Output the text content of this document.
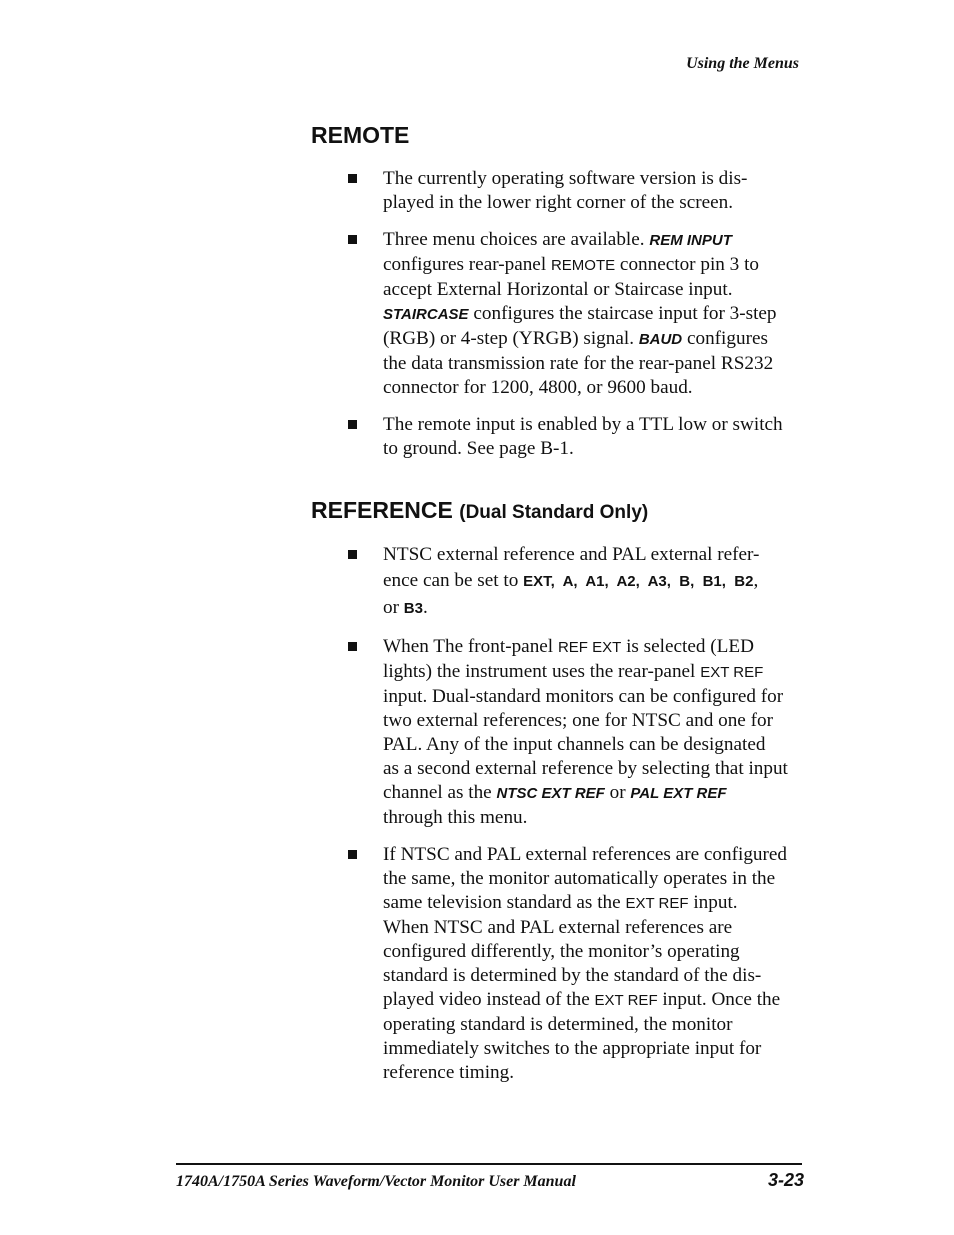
Using the Menus
REMOTE
The currently operating software version is dis-
played in the lower right corner of the screen.
Three menu choices are available. REM INPUT
configures rear-panel REMOTE connector pin 3 to
accept External Horizontal or Staircase input.
STAIRCASE configures the staircase input for 3-step
(RGB) or 4-step (YRGB) signal. BAUD configures
the data transmission rate for the rear-panel RS232
connector for 1200, 4800, or 9600 baud.
The remote input is enabled by a TTL low or switch
to ground. See page B-1.
REFERENCE (Dual Standard Only)
NTSC external reference and PAL external refer-
ence can be set to EXT,  A,  A1,  A2,  A3,  B,  B1,  B2,
or B3.
When The front-panel REF EXT is selected (LED
lights) the instrument uses the rear-panel EXT REF
input. Dual-standard monitors can be configured for
two external references; one for NTSC and one for
PAL. Any of the input channels can be designated
as a second external reference by selecting that input
channel as the NTSC EXT REF or PAL EXT REF
through this menu.
If NTSC and PAL external references are configured
the same, the monitor automatically operates in the
same television standard as the EXT REF input.
When NTSC and PAL external references are
configured differently, the monitor’s operating
standard is determined by the standard of the dis-
played video instead of the EXT REF input. Once the
operating standard is determined, the monitor
immediately switches to the appropriate input for
reference timing.
1740A/1750A Series Waveform/Vector Monitor User Manual	3-23
